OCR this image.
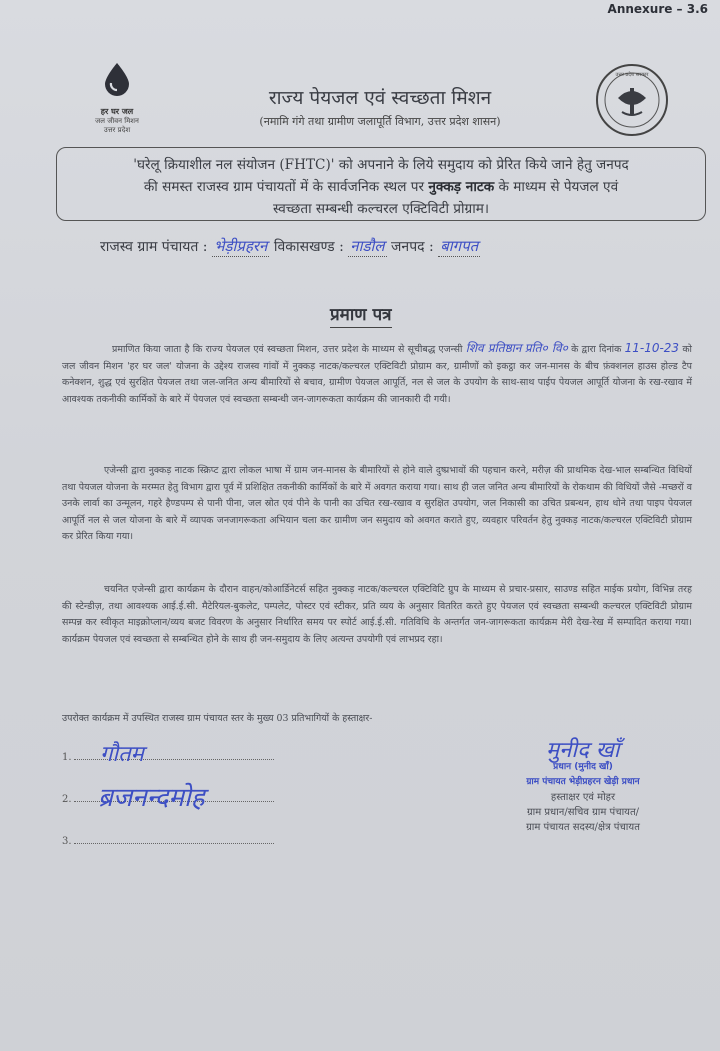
Annexure – 3.6
हर घर जल
जल जीवन मिशन
उत्तर प्रदेश
उत्तर प्रदेश सरकार
राज्य पेयजल एवं स्वच्छता मिशन
(नमामि गंगे तथा ग्रामीण जलापूर्ति विभाग, उत्तर प्रदेश शासन)
'घरेलू क्रियाशील नल संयोजन (FHTC)' को अपनाने के लिये समुदाय को प्रेरित किये जाने हेतु जनपद
की समस्त राजस्व ग्राम पंचायतों में के सार्वजनिक स्थल पर नुक्कड़ नाटक के माध्यम से पेयजल एवं
स्वच्छता सम्बन्धी कल्चरल एक्टिविटी प्रोग्राम।
राजस्व ग्राम पंचायत : भेड़ीप्रहरन विकासखण्ड : नाडौल जनपद : बागपत
प्रमाण पत्र
प्रमाणित किया जाता है कि राज्य पेयजल एवं स्वच्छता मिशन, उत्तर प्रदेश के माध्यम से सूचीबद्ध एजन्सी शिव प्रतिष्ठान प्रति० वि० के द्वारा दिनांक 11-10-23 को जल जीवन मिशन 'हर घर जल' योजना के उद्देश्य राजस्व गांवों में नुक्कड़ नाटक/कल्चरल एक्टिविटी प्रोग्राम कर, ग्रामीणों को इकट्ठा कर जन-मानस के बीच फ़ंक्शनल हाउस होल्ड टैप कनेक्शन, शुद्ध एवं सुरक्षित पेयजल तथा जल-जनित अन्य बीमारियों से बचाव, ग्रामीण पेयजल आपूर्ति, नल से जल के उपयोग के साथ-साथ पाईप पेयजल आपूर्ति योजना के रख-रखाव में आवश्यक तकनीकी कार्मिकों के बारे में पेयजल एवं स्वच्छता सम्बन्धी जन-जागरूकता कार्यक्रम की जानकारी दी गयी।
एजेन्सी द्वारा नुक्कड़ नाटक स्क्रिप्ट द्वारा लोकल भाषा में ग्राम जन-मानस के बीमारियों से होने वाले दुष्प्रभावों की पहचान करने, मरीज़ की प्राथमिक देख-भाल सम्बन्धित विधियों तथा पेयजल योजना के मरम्मत हेतु विभाग द्वारा पूर्व में प्रशिक्षित तकनीकी कार्मिकों के बारे में अवगत कराया गया। साथ ही जल जनित अन्य बीमारियों के रोकथाम की विधियों जैसे -मच्छरों व उनके लार्वा का उन्मूलन, गहरे हैण्डपम्प से पानी पीना, जल स्रोत एवं पीने के पानी का उचित रख-रखाव व सुरक्षित उपयोग, जल निकासी का उचित प्रबन्धन, हाथ धोने तथा पाइप पेयजल आपूर्ति नल से जल योजना के बारे में व्यापक जनजागरूकता अभियान चला कर ग्रामीण जन समुदाय को अवगत कराते हुए, व्यवहार परिवर्तन हेतु नुक्कड़ नाटक/कल्चरल एक्टिविटी प्रोग्राम कर प्रेरित किया गया।
चयनित एजेन्सी द्वारा कार्यक्रम के दौरान वाहन/कोआर्डिनेटर्स सहित नुक्कड़ नाटक/कल्चरल एक्टिविटि ग्रुप के माध्यम से प्रचार-प्रसार, साउण्ड सहित माईक प्रयोग, विभिन्न तरह की स्टेन्डीज़, तथा आवश्यक आई.ई.सी. मैटेरियल-बुकलेट, पम्पलेट, पोस्टर एवं स्टीकर, प्रति व्यय के अनुसार वितरित करते हुए पेयजल एवं स्वच्छता सम्बन्धी कल्चरल एक्टिविटी प्रोग्राम सम्पन्न कर स्वीकृत माइक्रोप्लान/व्यय बजट विवरण के अनुसार निर्धारित समय पर स्पोर्ट आई.ई.सी. गतिविधि के अन्तर्गत जन-जागरूकता कार्यक्रम मेरी देख-रेख में सम्पादित कराया गया। कार्यक्रम पेयजल एवं स्वच्छता से सम्बन्धित होने के साथ ही जन-समुदाय के लिए अत्यन्त उपयोगी एवं लाभप्रद रहा।
उपरोक्त कार्यक्रम में उपस्थित राजस्व ग्राम पंचायत स्तर के मुख्य 03 प्रतिभागियों के हस्ताक्षर-
1.	गौतम
2.	ब्रजनन्दमोह
3.
मुनीद खाँ
प्रधान (मुनीद खाँ)
ग्राम पंचायत भेड़ीप्रहरन खेड़ी प्रधान
हस्ताक्षर एवं मोहर
ग्राम प्रधान/सचिव ग्राम पंचायत/
ग्राम पंचायत सदस्य/क्षेत्र पंचायत
